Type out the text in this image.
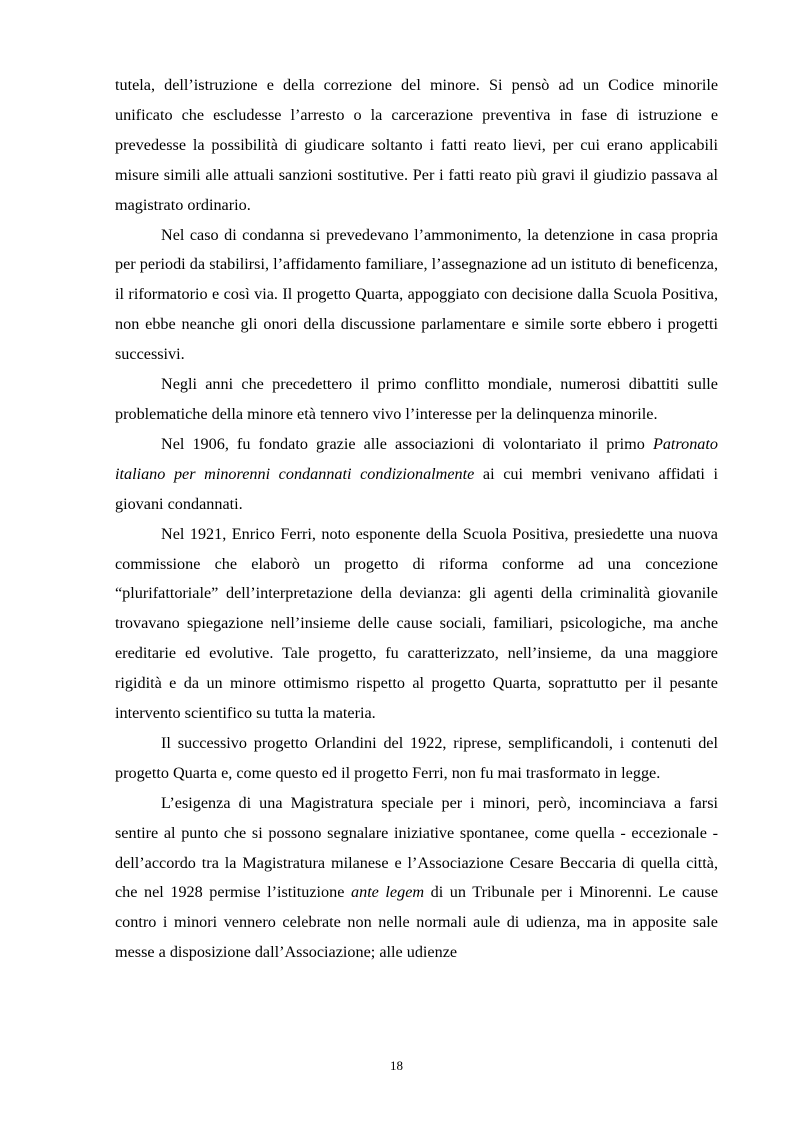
tutela, dell’istruzione e della correzione del minore. Si pensò ad un Codice minorile unificato che escludesse l’arresto o la carcerazione preventiva in fase di istruzione e prevedesse la possibilità di giudicare soltanto i fatti reato lievi, per cui erano applicabili misure simili alle attuali sanzioni sostitutive. Per i fatti reato più gravi il giudizio passava al magistrato ordinario.

Nel caso di condanna si prevedevano l’ammonimento, la detenzione in casa propria per periodi da stabilirsi, l’affidamento familiare, l’assegnazione ad un istituto di beneficenza, il riformatorio e così via. Il progetto Quarta, appoggiato con decisione dalla Scuola Positiva, non ebbe neanche gli onori della discussione parlamentare e simile sorte ebbero i progetti successivi.

Negli anni che precedettero il primo conflitto mondiale, numerosi dibattiti sulle problematiche della minore età tennero vivo l’interesse per la delinquenza minorile.

Nel 1906, fu fondato grazie alle associazioni di volontariato il primo Patronato italiano per minorenni condannati condizionalmente ai cui membri venivano affidati i giovani condannati.

Nel 1921, Enrico Ferri, noto esponente della Scuola Positiva, presiedette una nuova commissione che elaborò un progetto di riforma conforme ad una concezione “plurifattoriale” dell’interpretazione della devianza: gli agenti della criminalità giovanile trovavano spiegazione nell’insieme delle cause sociali, familiari, psicologiche, ma anche ereditarie ed evolutive. Tale progetto, fu caratterizzato, nell’insieme, da una maggiore rigidità e da un minore ottimismo rispetto al progetto Quarta, soprattutto per il pesante intervento scientifico su tutta la materia.

Il successivo progetto Orlandini del 1922, riprese, semplificandoli, i contenuti del progetto Quarta e, come questo ed il progetto Ferri, non fu mai trasformato in legge.

L’esigenza di una Magistratura speciale per i minori, però, incominciava a farsi sentire al punto che si possono segnalare iniziative spontanee, come quella - eccezionale - dell’accordo tra la Magistratura milanese e l’Associazione Cesare Beccaria di quella città, che nel 1928 permise l’istituzione ante legem di un Tribunale per i Minorenni. Le cause contro i minori vennero celebrate non nelle normali aule di udienza, ma in apposite sale messe a disposizione dall’Associazione; alle udienze

18
